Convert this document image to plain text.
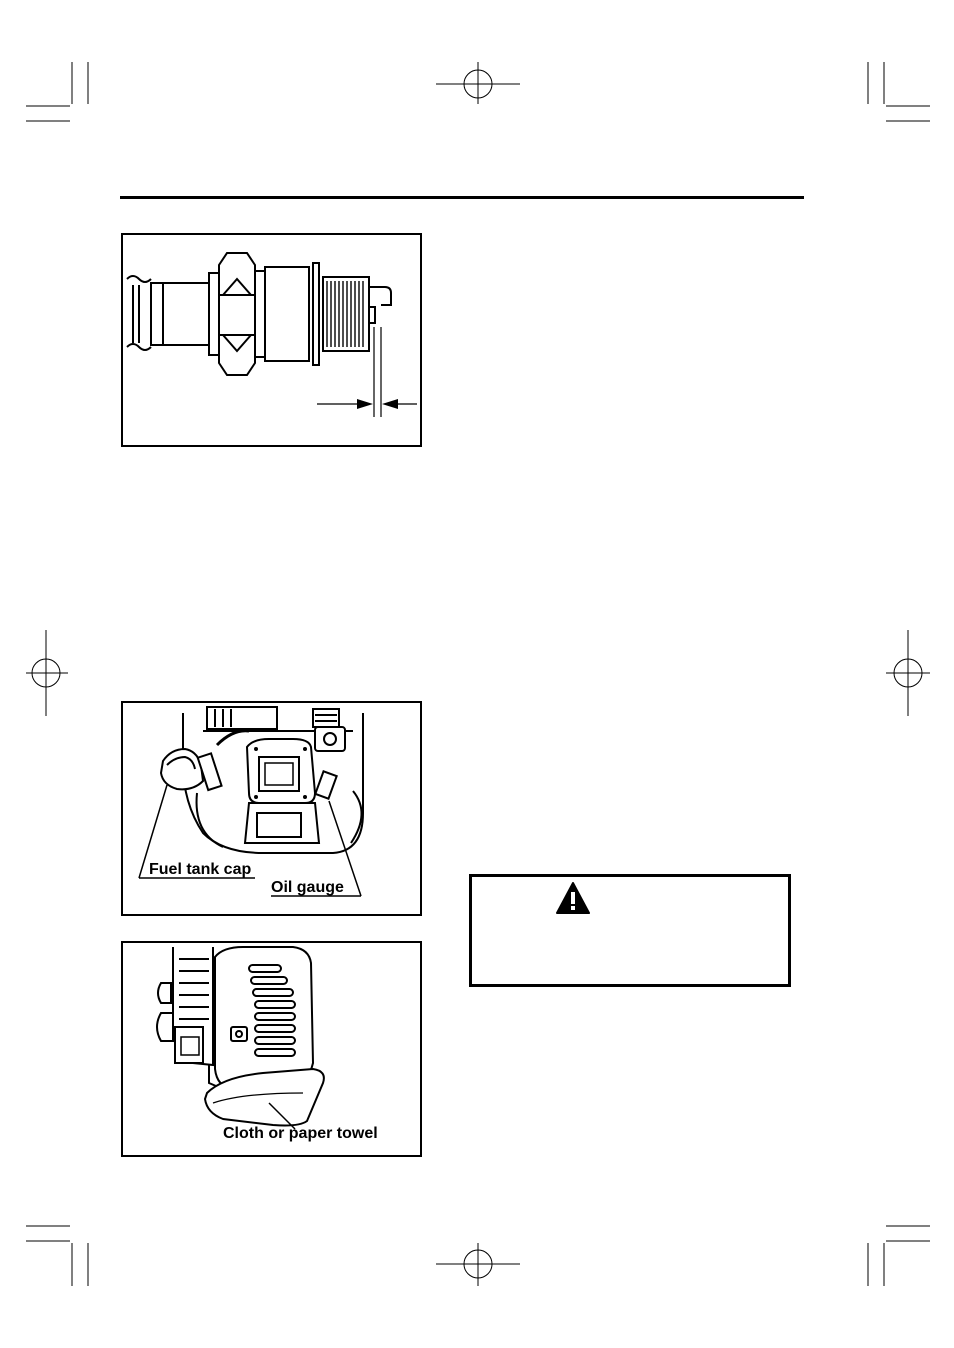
Fuel tank cap
Oil gauge
Cloth or paper towel
